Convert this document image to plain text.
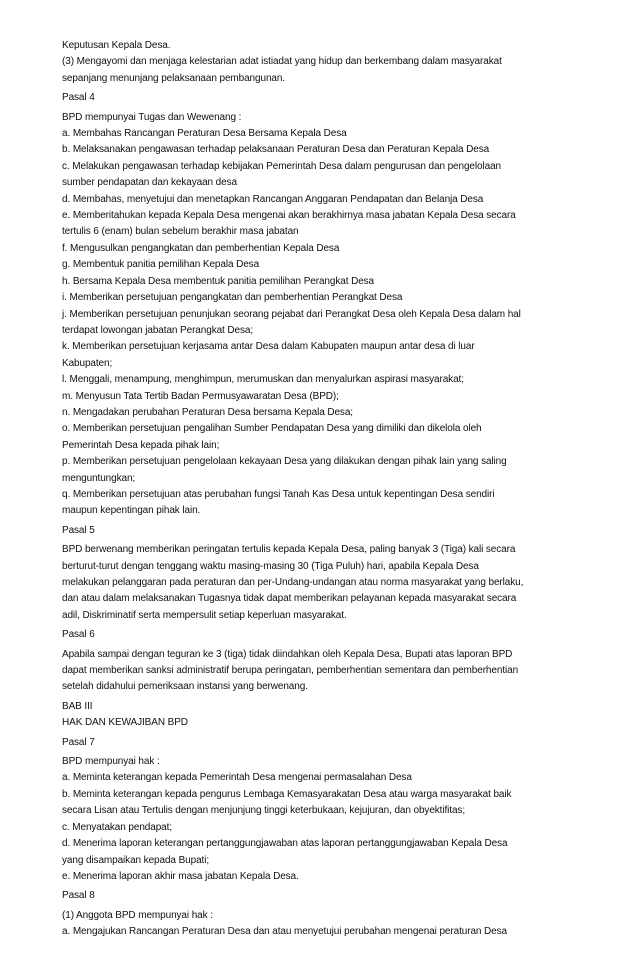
Keputusan Kepala Desa.
(3) Mengayomi dan menjaga kelestarian adat istiadat yang hidup dan berkembang dalam masyarakat
sepanjang menunjang pelaksanaan pembangunan.
Pasal 4
BPD mempunyai Tugas dan Wewenang :
a. Membahas Rancangan Peraturan Desa Bersama Kepala Desa
b. Melaksanakan pengawasan terhadap pelaksanaan Peraturan Desa dan Peraturan Kepala Desa
c. Melakukan pengawasan terhadap kebijakan Pemerintah Desa dalam pengurusan dan pengelolaan
sumber pendapatan dan kekayaan desa
d. Membahas, menyetujui dan menetapkan Rancangan Anggaran Pendapatan dan Belanja Desa
e. Memberitahukan kepada Kepala Desa mengenai akan berakhirnya masa jabatan Kepala Desa secara
tertulis 6 (enam) bulan sebelum berakhir masa jabatan
f. Mengusulkan pengangkatan dan pemberhentian Kepala Desa
g. Membentuk panitia pemilihan Kepala Desa
h. Bersama Kepala Desa membentuk panitia pemilihan Perangkat Desa
i. Memberikan persetujuan pengangkatan dan pemberhentian Perangkat Desa
j. Memberikan persetujuan penunjukan seorang pejabat dari Perangkat Desa oleh Kepala Desa dalam hal
terdapat lowongan jabatan Perangkat Desa;
k. Memberikan persetujuan kerjasama antar Desa dalam Kabupaten maupun antar desa di luar
Kabupaten;
l. Menggali, menampung, menghimpun, merumuskan dan menyalurkan aspirasi masyarakat;
m. Menyusun Tata Tertib Badan Permusyawaratan Desa (BPD);
n. Mengadakan perubahan Peraturan Desa bersama Kepala Desa;
o. Memberikan persetujuan pengalihan Sumber Pendapatan Desa yang dimiliki dan dikelola oleh
Pemerintah Desa kepada pihak lain;
p. Memberikan persetujuan pengelolaan kekayaan Desa yang dilakukan dengan pihak lain yang saling
menguntungkan;
q. Memberikan persetujuan atas perubahan fungsi Tanah Kas Desa untuk kepentingan Desa sendiri
maupun kepentingan pihak lain.
Pasal 5
BPD berwenang memberikan peringatan tertulis kepada Kepala Desa, paling banyak 3 (Tiga) kali secara
berturut-turut dengan tenggang waktu masing-masing 30 (Tiga Puluh) hari, apabila Kepala Desa
melakukan pelanggaran pada peraturan dan per-Undang-undangan atau norma masyarakat yang berlaku,
dan atau dalam melaksanakan Tugasnya tidak dapat memberikan pelayanan kepada masyarakat secara
adil, Diskriminatif serta mempersulit setiap keperluan masyarakat.
Pasal 6
Apabila sampai dengan teguran ke 3 (tiga) tidak diindahkan oleh Kepala Desa, Bupati atas laporan BPD
dapat memberikan sanksi administratif berupa peringatan, pemberhentian sementara dan pemberhentian
setelah didahului pemeriksaan instansi yang berwenang.
BAB III
HAK DAN KEWAJIBAN BPD
Pasal 7
BPD mempunyai hak :
a. Meminta keterangan kepada Pemerintah Desa mengenai permasalahan Desa
b. Meminta keterangan kepada pengurus Lembaga Kemasyarakatan Desa atau warga masyarakat baik
secara Lisan atau Tertulis dengan menjunjung tinggi keterbukaan, kejujuran, dan obyektifitas;
c. Menyatakan pendapat;
d. Menerima laporan keterangan pertanggungjawaban atas laporan pertanggungjawaban Kepala Desa
yang disampaikan kepada Bupati;
e. Menerima laporan akhir masa jabatan Kepala Desa.
Pasal 8
(1) Anggota BPD mempunyai hak :
a. Mengajukan Rancangan Peraturan Desa dan atau menyetujui perubahan mengenai peraturan Desa
